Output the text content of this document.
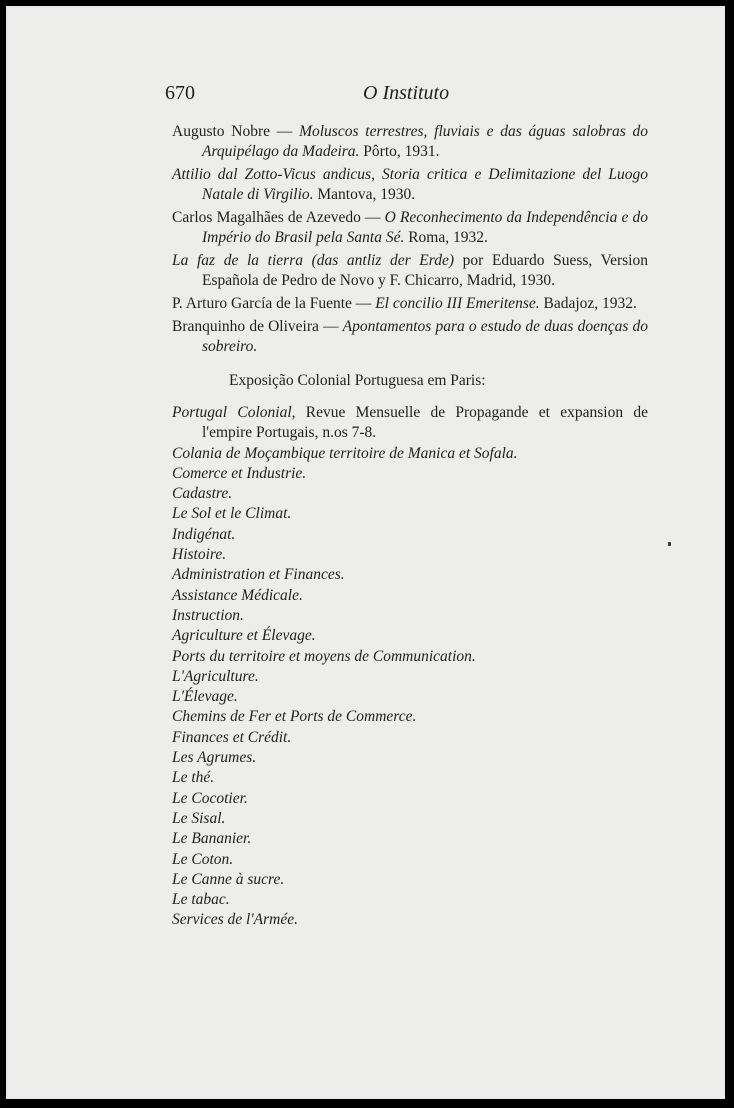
670	O Instituto

Augusto Nobre — Moluscos terrestres, fluviais e das águas salobras do Arquipélago da Madeira. Pôrto, 1931.

Attilio dal Zotto-Vicus andicus, Storia critica e Delimitazione del Luogo Natale di Virgilio. Mantova, 1930.

Carlos Magalhães de Azevedo — O Reconhecimento da Independência e do Império do Brasil pela Santa Sé. Roma, 1932.

La faz de la tierra (das antliz der Erde) por Eduardo Suess, Version Española de Pedro de Novo y F. Chicarro, Madrid, 1930.

P. Arturo García de la Fuente — El concilio III Emeritense. Badajoz, 1932.

Branquinho de Oliveira — Apontamentos para o estudo de duas doenças do sobreiro.

Exposição Colonial Portuguesa em Paris:

Portugal Colonial, Revue Mensuelle de Propagande et expansion de l'empire Portugais, n.os 7-8.
Colania de Moçambique territoire de Manica et Sofala.
Comerce et Industrie.
Cadastre.
Le Sol et le Climat.
Indigénat.
Histoire.
Administration et Finances.
Assistance Médicale.
Instruction.
Agriculture et Élevage.
Ports du territoire et moyens de Communication.
L'Agriculture.
L'Élevage.
Chemins de Fer et Ports de Commerce.
Finances et Crédit.
Les Agrumes.
Le thé.
Le Cocotier.
Le Sisal.
Le Bananier.
Le Coton.
Le Canne à sucre.
Le tabac.
Services de l'Armée.
